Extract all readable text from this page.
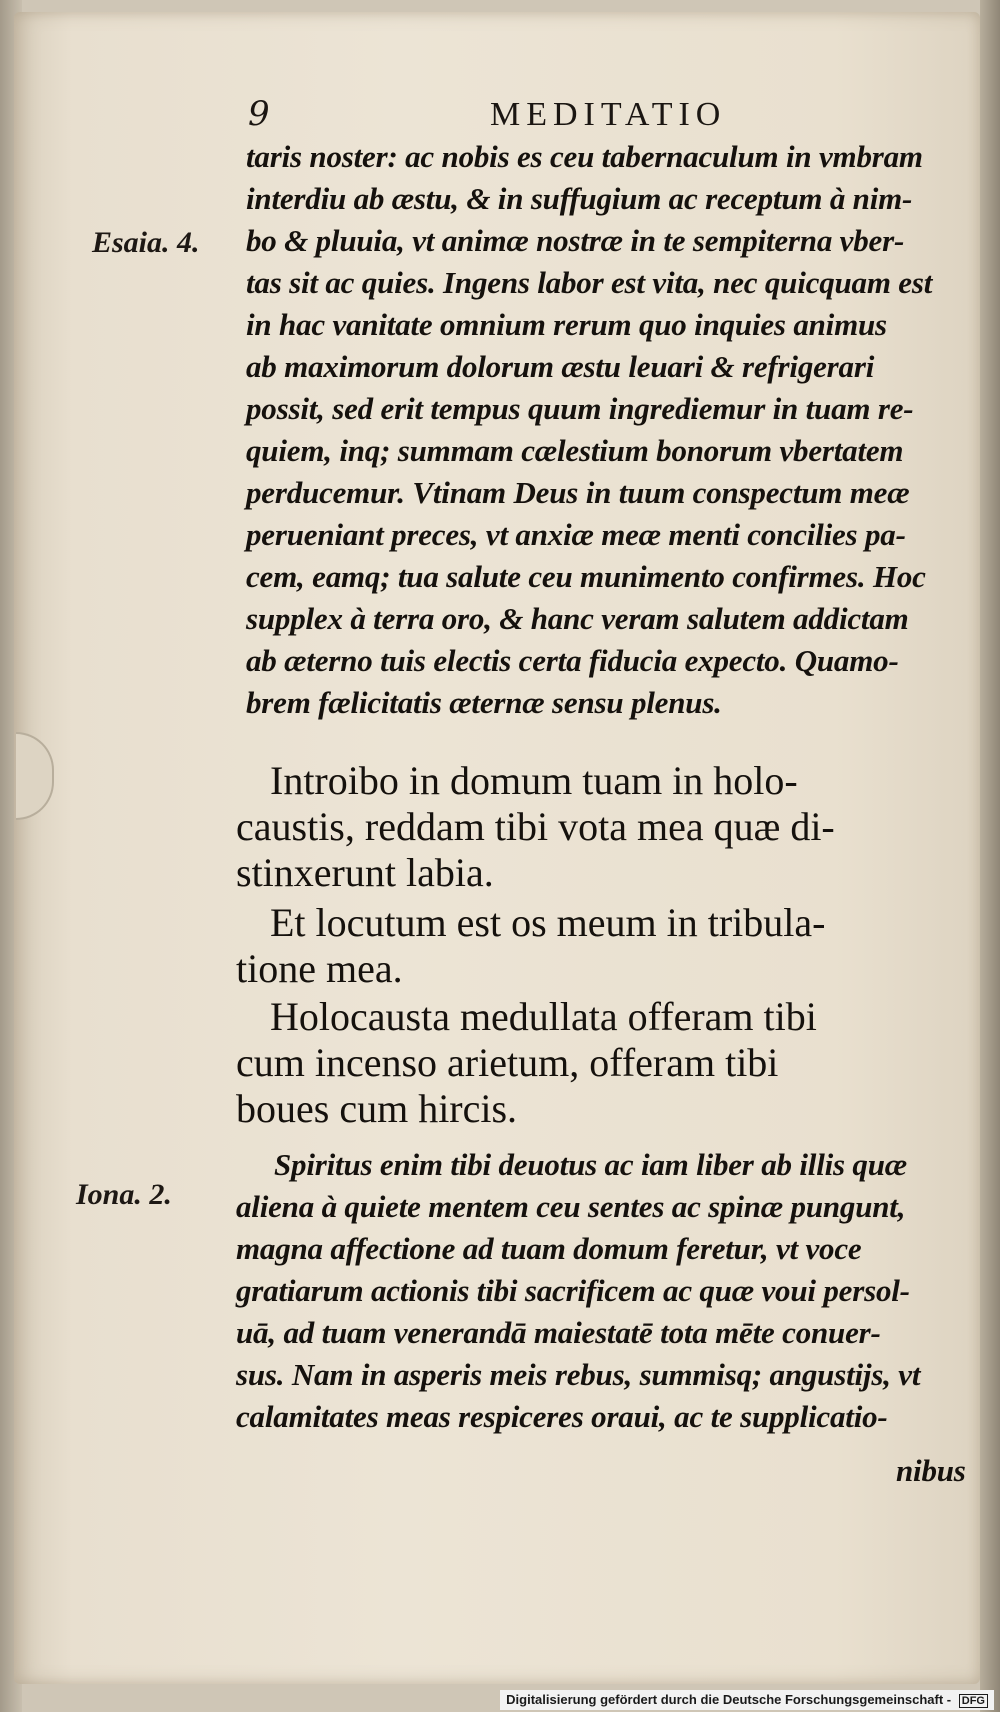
9	MEDITATIO
Esaia. 4.
Iona. 2.
taris noster: ac nobis es ceu tabernaculum in vmbram
interdiu ab æstu, & in suffugium ac receptum à nim-
bo & pluuia, vt animæ nostræ in te sempiterna vber-
tas sit ac quies. Ingens labor est vita, nec quicquam est
in hac vanitate omnium rerum quo inquies animus
ab maximorum dolorum æstu leuari & refrigerari
possit, sed erit tempus quum ingrediemur in tuam re-
quiem, inq; summam cælestium bonorum vbertatem
perducemur. Vtinam Deus in tuum conspectum meæ
perueniant preces, vt anxiæ meæ menti concilies pa-
cem, eamq; tua salute ceu munimento confirmes. Hoc
supplex à terra oro, & hanc veram salutem addictam
ab æterno tuis electis certa fiducia expecto. Quamo-
brem fælicitatis æternæ sensu plenus.
Introibo in domum tuam in holo-
caustis, reddam tibi vota mea quæ di-
stinxerunt labia.
Et locutum est os meum in tribula-
tione mea.
Holocausta medullata offeram tibi
cum incenso arietum, offeram tibi
boues cum hircis.
Spiritus enim tibi deuotus ac iam liber ab illis quæ
aliena à quiete mentem ceu sentes ac spinæ pungunt,
magna affectione ad tuam domum feretur, vt voce
gratiarum actionis tibi sacrificem ac quæ voui persol-
uā, ad tuam venerandā maiestatē tota mēte conuer-
sus. Nam in asperis meis rebus, summisq; angustijs, vt
calamitates meas respiceres oraui, ac te supplicatio-
nibus
Digitalisierung gefördert durch die Deutsche Forschungsgemeinschaft - DFG
